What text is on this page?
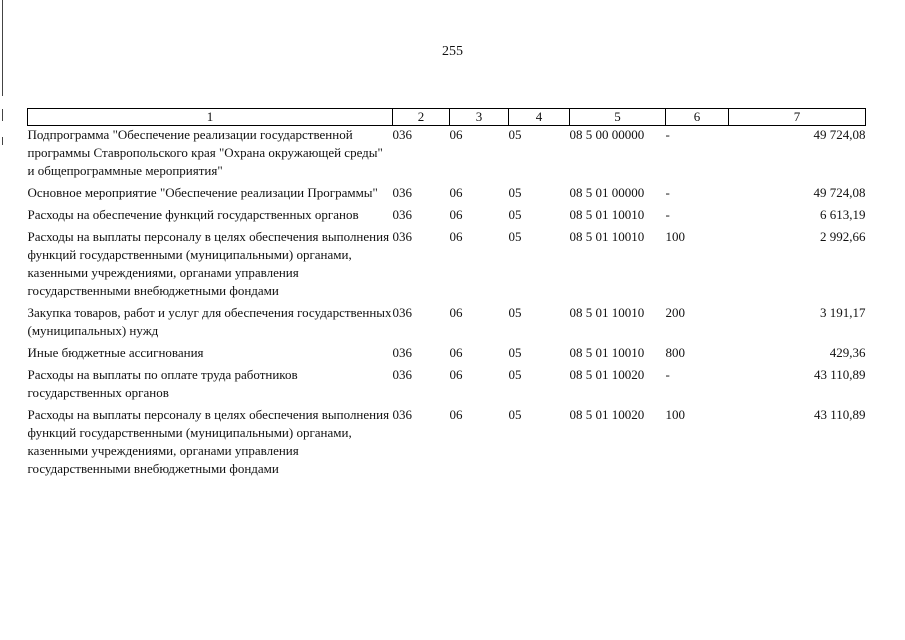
255
1	2	3	4	5	6	7
Подпрограмма "Обеспечение реализации государственной программы Ставропольского края "Охрана окружающей среды" и общепрограммные мероприятия"	036	06	05	08 5 00 00000	-	49 724,08
Основное мероприятие "Обеспечение реализации Программы"	036	06	05	08 5 01 00000	-	49 724,08
Расходы на обеспечение функций государственных органов	036	06	05	08 5 01 10010	-	6 613,19
Расходы на выплаты персоналу в целях обеспечения выполнения функций государственными (муниципальными) органами, казенными учреждениями, органами управления государственными внебюджетными фондами	036	06	05	08 5 01 10010	100	2 992,66
Закупка товаров, работ и услуг для обеспечения государственных (муниципальных) нужд	036	06	05	08 5 01 10010	200	3 191,17
Иные бюджетные ассигнования	036	06	05	08 5 01 10010	800	429,36
Расходы на выплаты по оплате труда работников государственных органов	036	06	05	08 5 01 10020	-	43 110,89
Расходы на выплаты персоналу в целях обеспечения выполнения функций государственными (муниципальными) органами, казенными учреждениями, органами управления государственными внебюджетными фондами	036	06	05	08 5 01 10020	100	43 110,89
